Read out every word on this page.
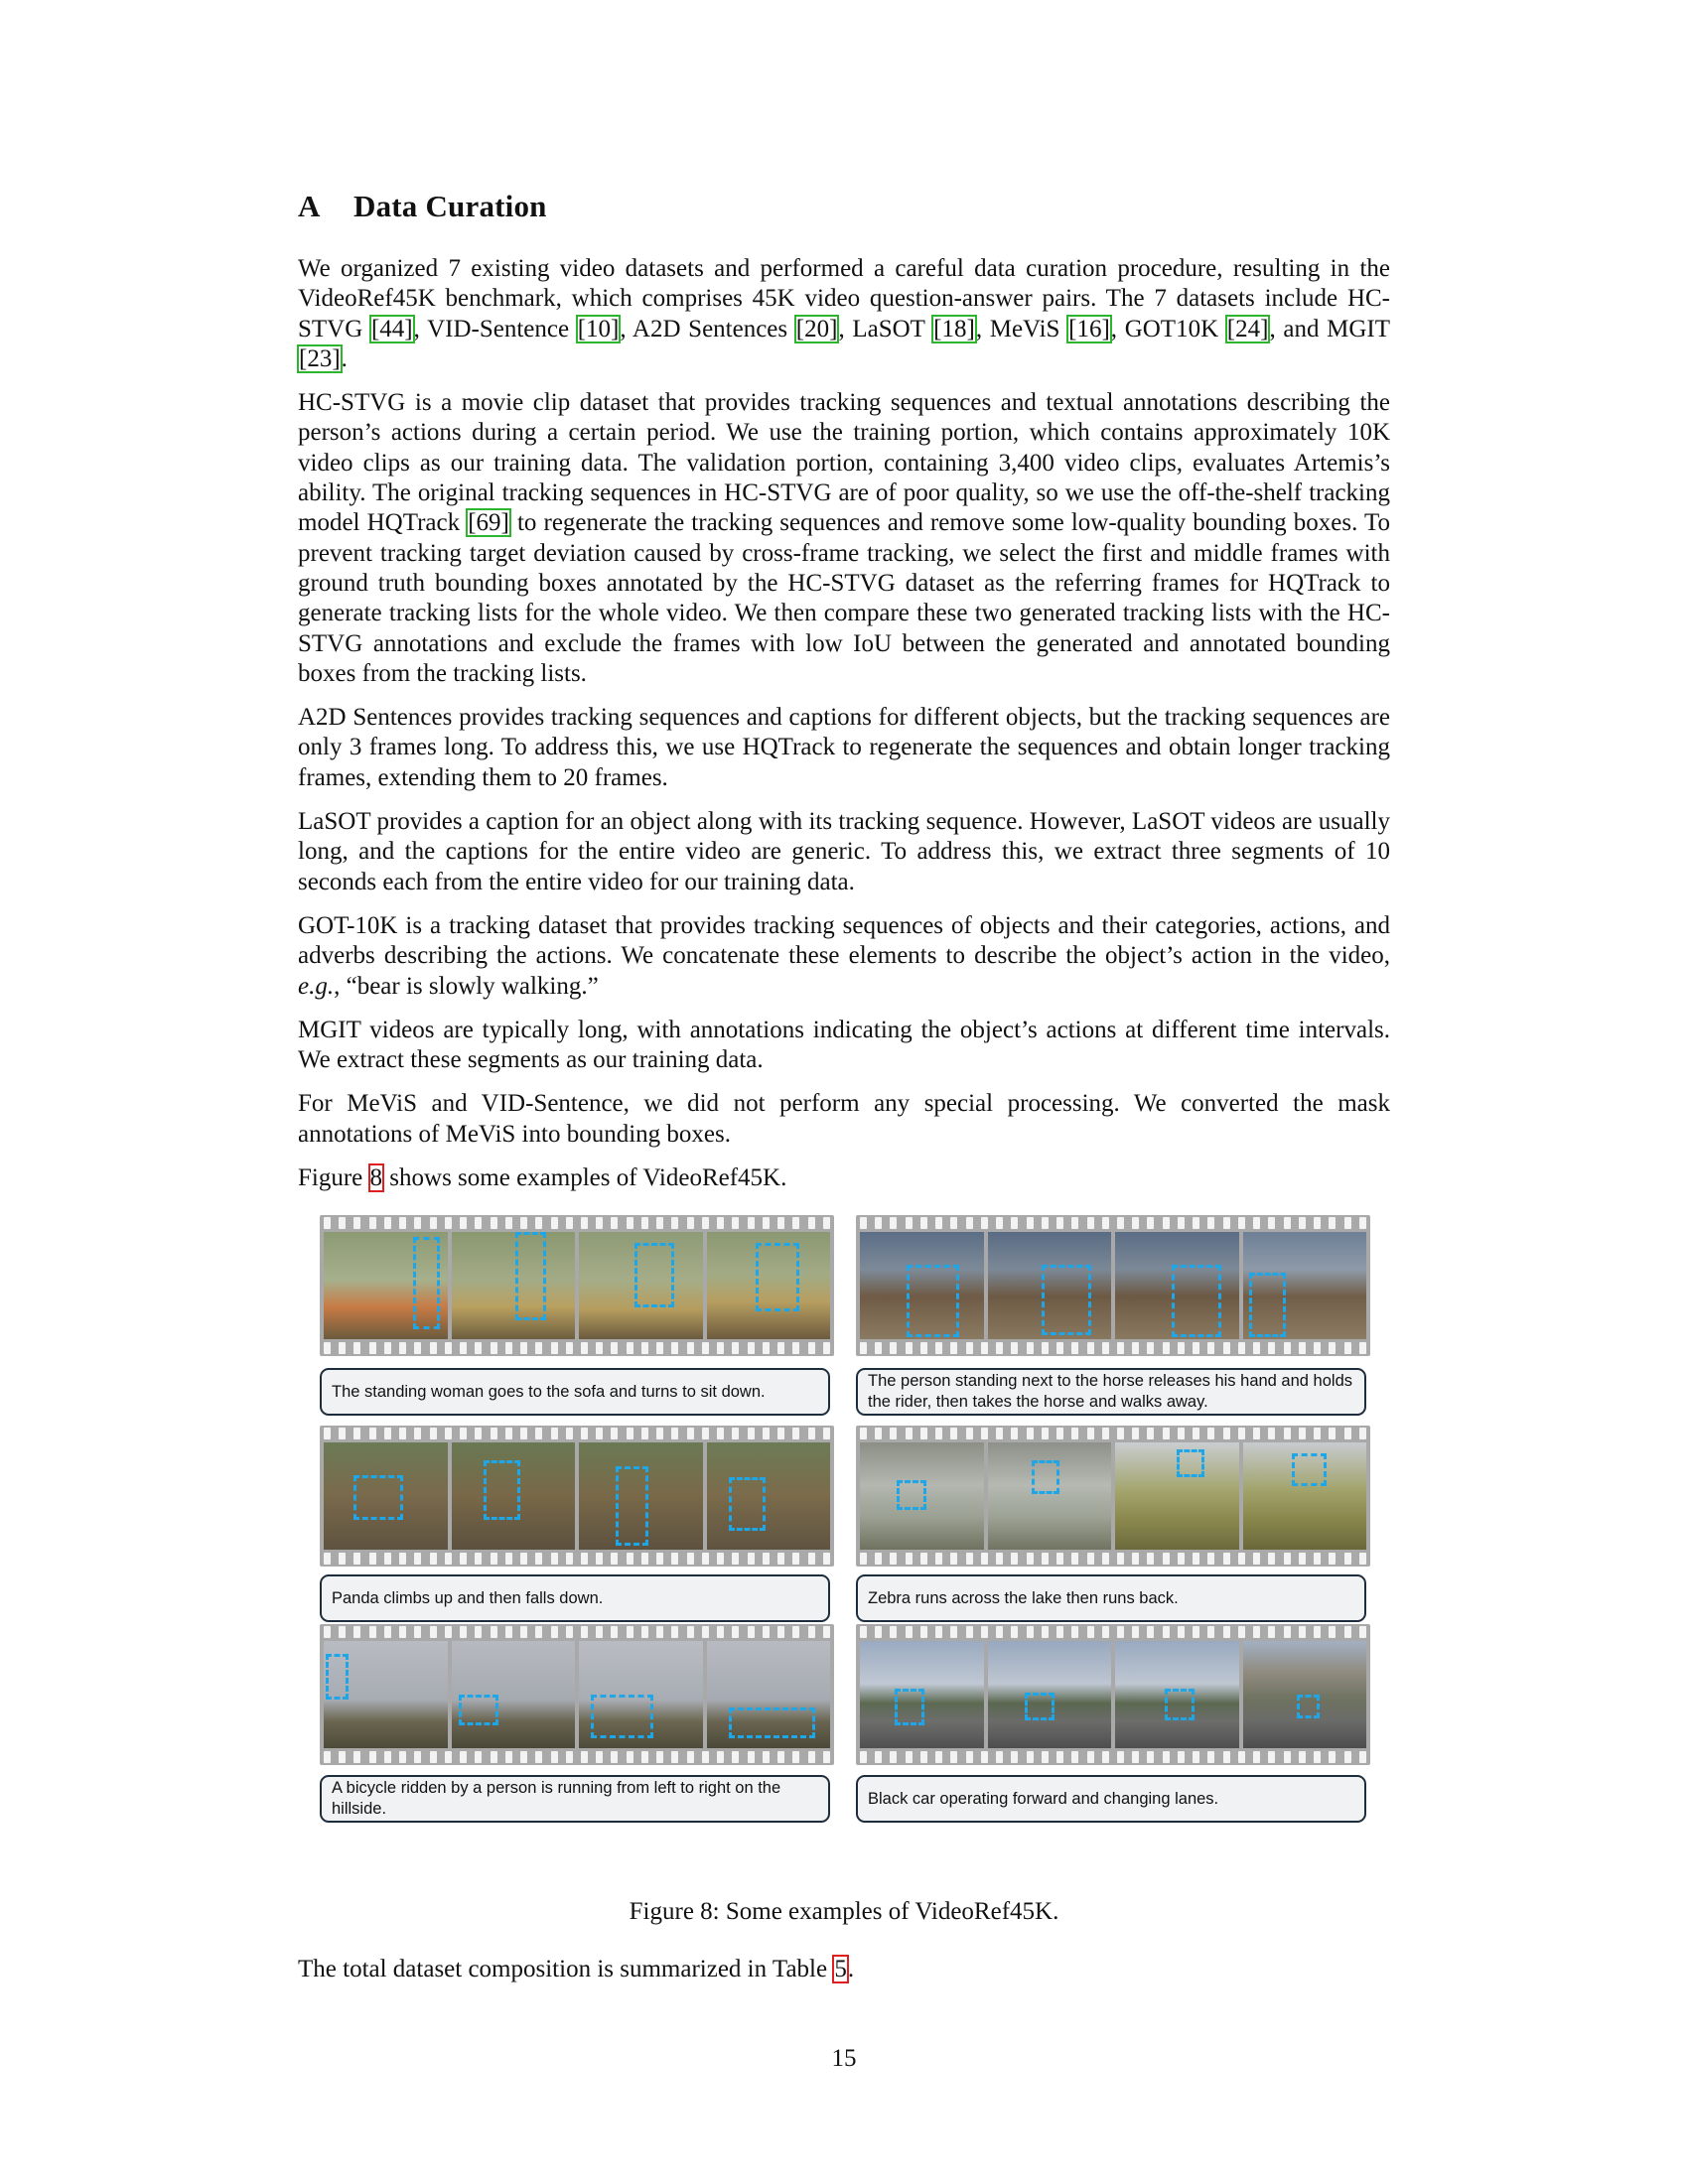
A Data Curation

We organized 7 existing video datasets and performed a careful data curation procedure, resulting in the VideoRef45K benchmark, which comprises 45K video question-answer pairs. The 7 datasets include HC-STVG [44], VID-Sentence [10], A2D Sentences [20], LaSOT [18], MeViS [16], GOT10K [24], and MGIT [23].

HC-STVG is a movie clip dataset that provides tracking sequences and textual annotations describing the person’s actions during a certain period. We use the training portion, which contains approximately 10K video clips as our training data. The validation portion, containing 3,400 video clips, evaluates Artemis’s ability. The original tracking sequences in HC-STVG are of poor quality, so we use the off-the-shelf tracking model HQTrack [69] to regenerate the tracking sequences and remove some low-quality bounding boxes. To prevent tracking target deviation caused by cross-frame tracking, we select the first and middle frames with ground truth bounding boxes annotated by the HC-STVG dataset as the referring frames for HQTrack to generate tracking lists for the whole video. We then compare these two generated tracking lists with the HC-STVG annotations and exclude the frames with low IoU between the generated and annotated bounding boxes from the tracking lists.

A2D Sentences provides tracking sequences and captions for different objects, but the tracking sequences are only 3 frames long. To address this, we use HQTrack to regenerate the sequences and obtain longer tracking frames, extending them to 20 frames.

LaSOT provides a caption for an object along with its tracking sequence. However, LaSOT videos are usually long, and the captions for the entire video are generic. To address this, we extract three segments of 10 seconds each from the entire video for our training data.

GOT-10K is a tracking dataset that provides tracking sequences of objects and their categories, actions, and adverbs describing the actions. We concatenate these elements to describe the object’s action in the video, e.g., “bear is slowly walking.”

MGIT videos are typically long, with annotations indicating the object’s actions at different time intervals. We extract these segments as our training data.

For MeViS and VID-Sentence, we did not perform any special processing. We converted the mask annotations of MeViS into bounding boxes.

Figure 8 shows some examples of VideoRef45K.

The standing woman goes to the sofa and turns to sit down.
The person standing next to the horse releases his hand and holds the rider, then takes the horse and walks away.
Panda climbs up and then falls down.	Zebra runs across the lake then runs back.
A bicycle ridden by a person is running from left to right on the hillside.
Black car operating forward and changing lanes.
Figure 8: Some examples of VideoRef45K.
The total dataset composition is summarized in Table 5.
15
